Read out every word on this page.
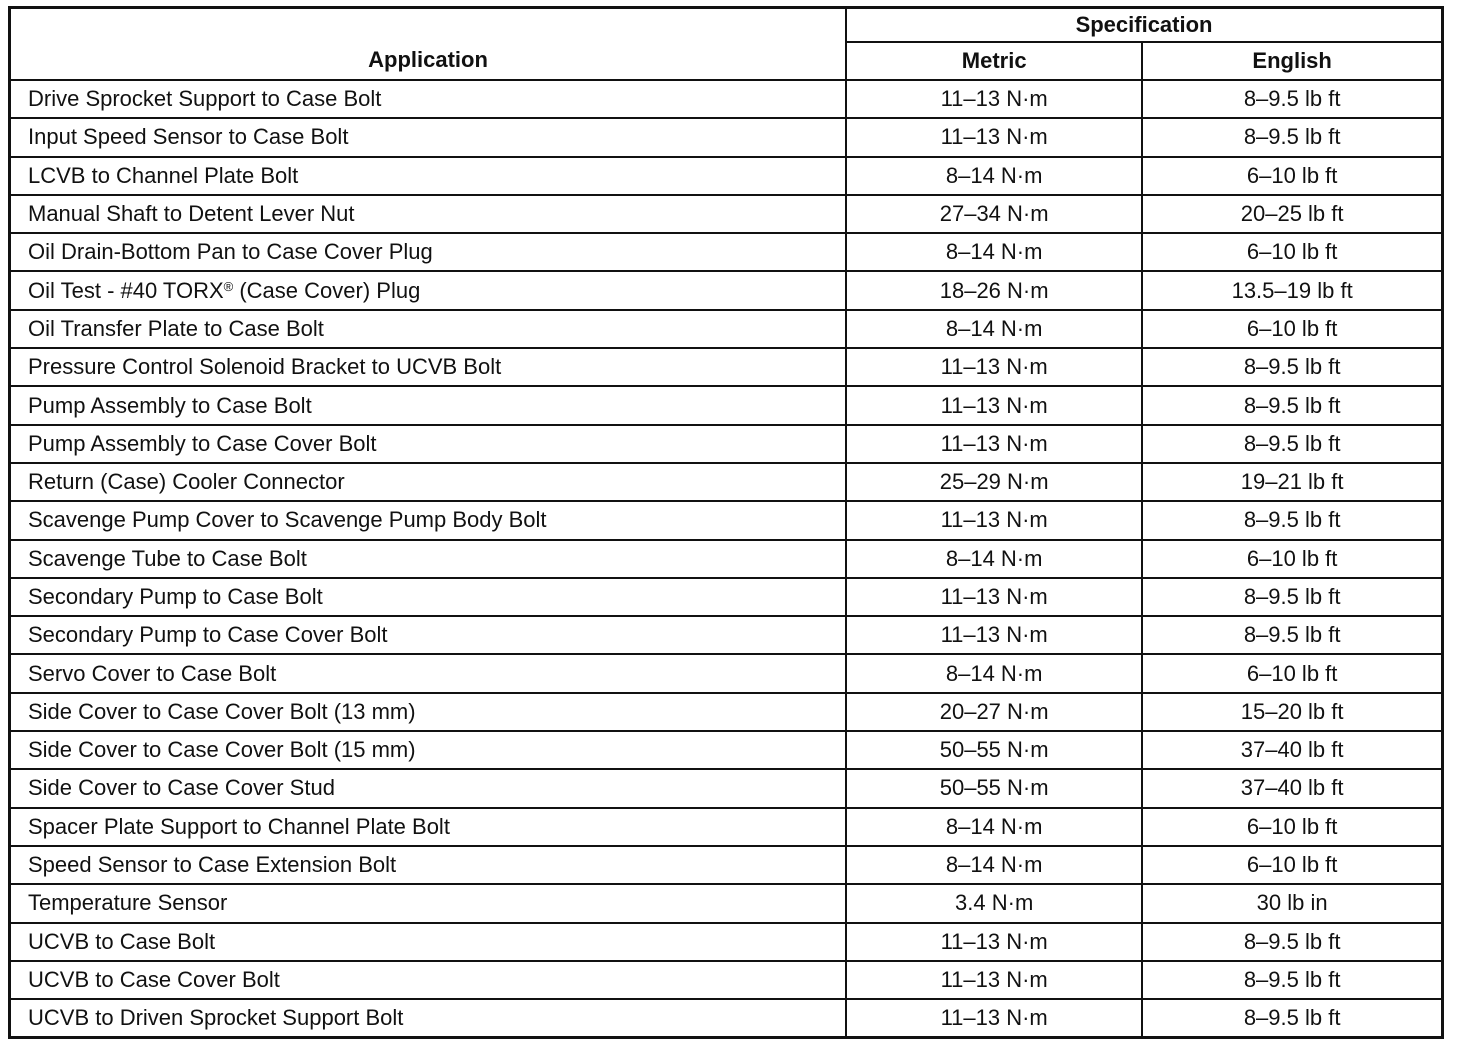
Application	Specification	
	Metric	English
Drive Sprocket Support to Case Bolt	11–13 N·m	8–9.5 lb ft
Input Speed Sensor to Case Bolt	11–13 N·m	8–9.5 lb ft
LCVB to Channel Plate Bolt	8–14 N·m	6–10 lb ft
Manual Shaft to Detent Lever Nut	27–34 N·m	20–25 lb ft
Oil Drain-Bottom Pan to Case Cover Plug	8–14 N·m	6–10 lb ft
Oil Test - #40 TORX® (Case Cover) Plug	18–26 N·m	13.5–19 lb ft
Oil Transfer Plate to Case Bolt	8–14 N·m	6–10 lb ft
Pressure Control Solenoid Bracket to UCVB Bolt	11–13 N·m	8–9.5 lb ft
Pump Assembly to Case Bolt	11–13 N·m	8–9.5 lb ft
Pump Assembly to Case Cover Bolt	11–13 N·m	8–9.5 lb ft
Return (Case) Cooler Connector	25–29 N·m	19–21 lb ft
Scavenge Pump Cover to Scavenge Pump Body Bolt	11–13 N·m	8–9.5 lb ft
Scavenge Tube to Case Bolt	8–14 N·m	6–10 lb ft
Secondary Pump to Case Bolt	11–13 N·m	8–9.5 lb ft
Secondary Pump to Case Cover Bolt	11–13 N·m	8–9.5 lb ft
Servo Cover to Case Bolt	8–14 N·m	6–10 lb ft
Side Cover to Case Cover Bolt (13 mm)	20–27 N·m	15–20 lb ft
Side Cover to Case Cover Bolt (15 mm)	50–55 N·m	37–40 lb ft
Side Cover to Case Cover Stud	50–55 N·m	37–40 lb ft
Spacer Plate Support to Channel Plate Bolt	8–14 N·m	6–10 lb ft
Speed Sensor to Case Extension Bolt	8–14 N·m	6–10 lb ft
Temperature Sensor	3.4 N·m	30 lb in
UCVB to Case Bolt	11–13 N·m	8–9.5 lb ft
UCVB to Case Cover Bolt	11–13 N·m	8–9.5 lb ft
UCVB to Driven Sprocket Support Bolt	11–13 N·m	8–9.5 lb ft
